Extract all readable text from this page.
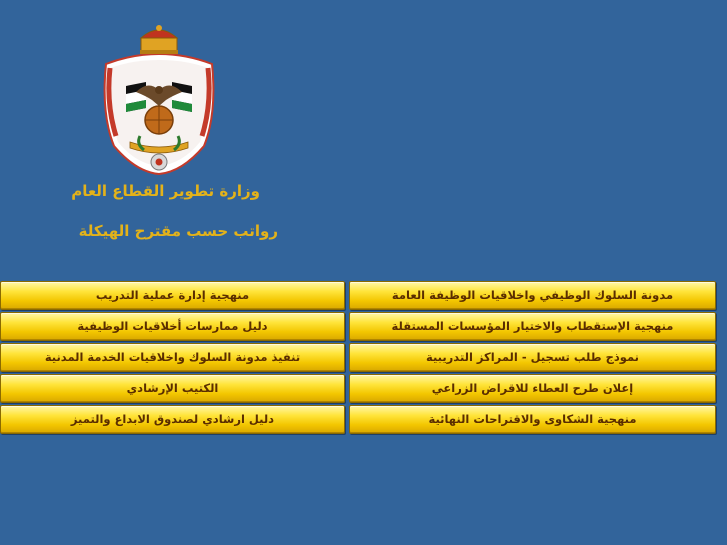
وزارة تطوير القطاع العام
رواتب حسب مقترح الهيكلة
منهجية إدارة عملية التدريب	مدونة السلوك الوظيفي واخلاقيات الوظيفة العامة
دليل ممارسات أخلاقيات الوظيفية	منهجية الإستقطاب والاختيار المؤسسات المستقلة
تنفيذ مدونة السلوك واخلاقيات الخدمة المدنية	نموذج طلب تسجيل - المراكز التدريبية
الكتيب الإرشادي	إعلان طرح العطاء للاقراض الزراعي
دليل ارشادي لصندوق الابداع والتميز	منهجية الشكاوى والاقتراحات النهائية
